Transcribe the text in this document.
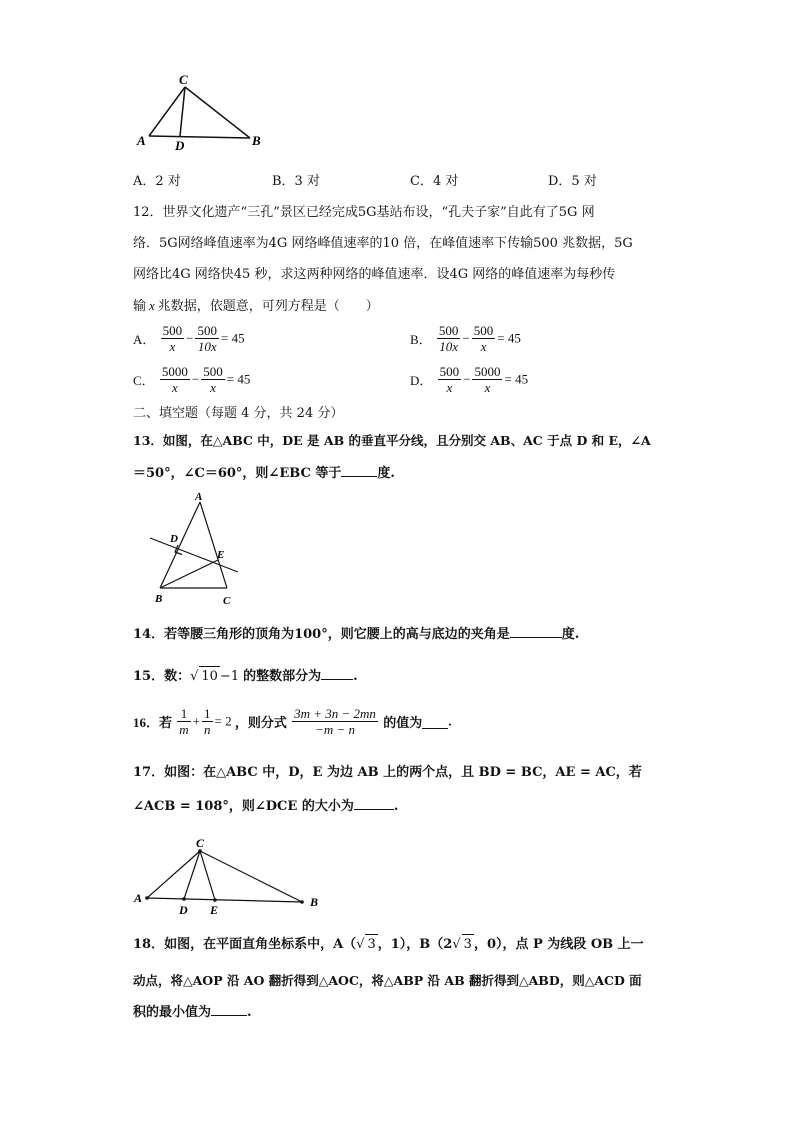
C
A D	B
A．2 对	B．3 对	C．4 对	D．5 对
12．世界文化遗产“三孔”景区已经完成5G基站布设，“孔夫子家”自此有了5G 网
络．5G网络峰值速率为4G 网络峰值速率的10 倍，在峰值速率下传输500 兆数据，5G
网络比4G 网络快45 秒，求这两种网络的峰值速率．设4G 网络的峰值速率为每秒传
输 x 兆数据，依题意，可列方程是（　　）
A． $\frac{500}{x} - \frac{500}{10x} = 45$	B． $\frac{500}{10x} - \frac{500}{x} = 45$
C． $\frac{5000}{x} - \frac{500}{x} = 45$	D． $\frac{500}{x} - \frac{5000}{x} = 45$
二、填空题（每题 4 分，共 24 分）
13．如图，在△ABC 中，DE 是 AB 的垂直平分线，且分别交 AB、AC 于点 D 和 E，∠A
＝50°，∠C＝60°，则∠EBC 等于	度.
A
D
E
B	C
14．若等腰三角形的顶角为100°，则它腰上的高与底边的夹角是	度.
15．数：√ 10 −1 的整数部分为 .
16．若 $\frac{1}{m} + \frac{1}{n} = 2$ ，则分式 $\frac{3m + 3n - 2mn}{-m - n}$ 的值为 .
17．如图：在△ABC 中，D，E 为边 AB 上的两个点，且 BD = BC，AE = AC，若
∠ACB = 108°，则∠DCE 的大小为	.
C
A
D E
B
18．如图，在平面直角坐标系中，A（√ 3 ，1），B（2√ 3 ，0），点 P 为线段 OB 上一
动点，将△AOP 沿 AO 翻折得到△AOC，将△ABP 沿 AB 翻折得到△ABD，则△ACD 面
积的最小值为	.
